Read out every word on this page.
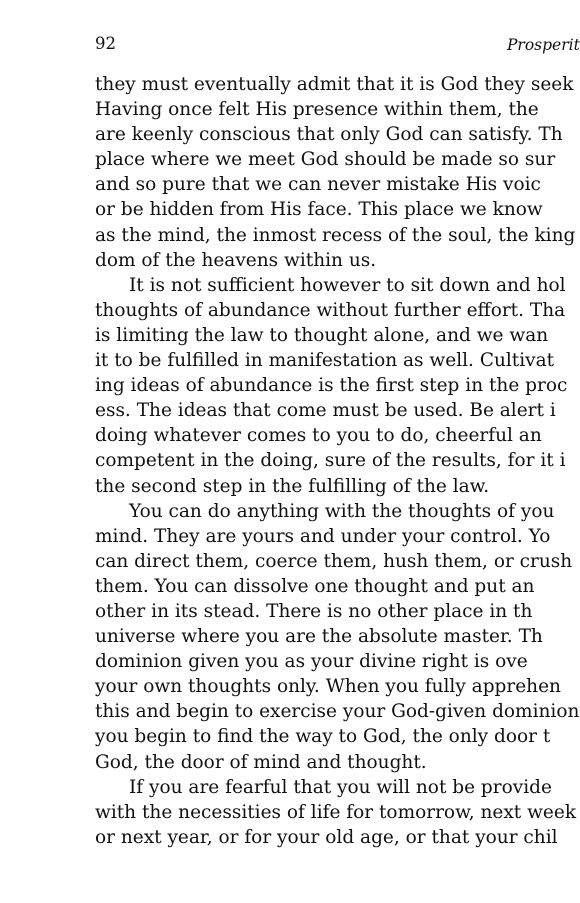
92	Prosperit
they must eventually admit that it is God they seek
Having once felt His presence within them, the
are keenly conscious that only God can satisfy. Th
place where we meet God should be made so sur
and so pure that we can never mistake His voic
or be hidden from His face. This place we know
as the mind, the inmost recess of the soul, the king
dom of the heavens within us.
It is not sufficient however to sit down and hol
thoughts of abundance without further effort. Tha
is limiting the law to thought alone, and we wan
it to be fulfilled in manifestation as well. Cultivat
ing ideas of abundance is the first step in the proc
ess. The ideas that come must be used. Be alert i
doing whatever comes to you to do, cheerful an
competent in the doing, sure of the results, for it i
the second step in the fulfilling of the law.
You can do anything with the thoughts of you
mind. They are yours and under your control. Yo
can direct them, coerce them, hush them, or crush
them. You can dissolve one thought and put an
other in its stead. There is no other place in th
universe where you are the absolute master. Th
dominion given you as your divine right is ove
your own thoughts only. When you fully apprehen
this and begin to exercise your God-given dominion
you begin to find the way to God, the only door t
God, the door of mind and thought.
If you are fearful that you will not be provide
with the necessities of life for tomorrow, next week
or next year, or for your old age, or that your chil
